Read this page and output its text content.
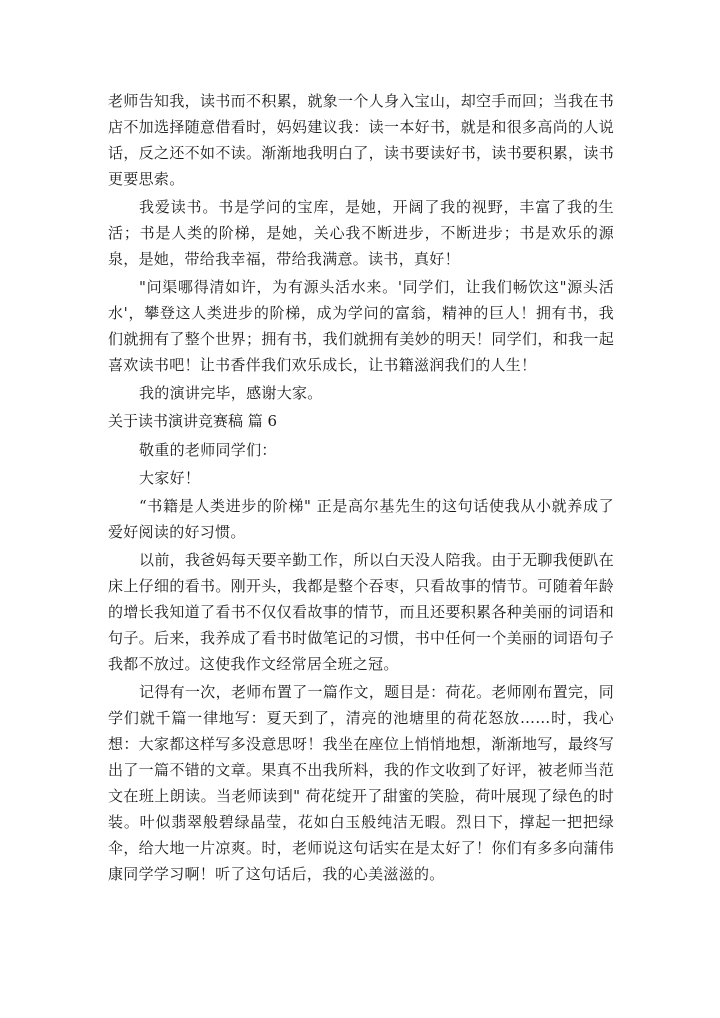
老师告知我，读书而不积累，就象一个人身入宝山，却空手而回；当我在书店不加选择随意借看时，妈妈建议我：读一本好书，就是和很多高尚的人说话，反之还不如不读。渐渐地我明白了，读书要读好书，读书要积累，读书更要思索。

我爱读书。书是学问的宝库，是她，开阔了我的视野，丰富了我的生活；书是人类的阶梯，是她，关心我不断进步，不断进步；书是欢乐的源泉，是她，带给我幸福，带给我满意。读书，真好！

"问渠哪得清如许，为有源头活水来。'同学们，让我们畅饮这"源头活水'，攀登这人类进步的阶梯，成为学问的富翁，精神的巨人！拥有书，我们就拥有了整个世界；拥有书，我们就拥有美妙的明天！同学们，和我一起喜欢读书吧！让书香伴我们欢乐成长，让书籍滋润我们的人生！

我的演讲完毕，感谢大家。

关于读书演讲竞赛稿 篇 6

敬重的老师同学们：

大家好！

“书籍是人类进步的阶梯" 正是高尔基先生的这句话使我从小就养成了爱好阅读的好习惯。

以前，我爸妈每天要辛勤工作，所以白天没人陪我。由于无聊我便趴在床上仔细的看书。刚开头，我都是整个吞枣，只看故事的情节。可随着年龄的增长我知道了看书不仅仅看故事的情节，而且还要积累各种美丽的词语和句子。后来，我养成了看书时做笔记的习惯，书中任何一个美丽的词语句子我都不放过。这使我作文经常居全班之冠。

记得有一次，老师布置了一篇作文，题目是：荷花。老师刚布置完，同学们就千篇一律地写：夏天到了，清亮的池塘里的荷花怒放……时，我心想：大家都这样写多没意思呀！我坐在座位上悄悄地想，渐渐地写，最终写出了一篇不错的文章。果真不出我所料，我的作文收到了好评，被老师当范文在班上朗读。当老师读到" 荷花绽开了甜蜜的笑脸，荷叶展现了绿色的时装。叶似翡翠般碧绿晶莹，花如白玉般纯洁无暇。烈日下，撑起一把把绿伞，给大地一片凉爽。时，老师说这句话实在是太好了！你们有多多向蒲伟康同学学习啊！听了这句话后，我的心美滋滋的。
